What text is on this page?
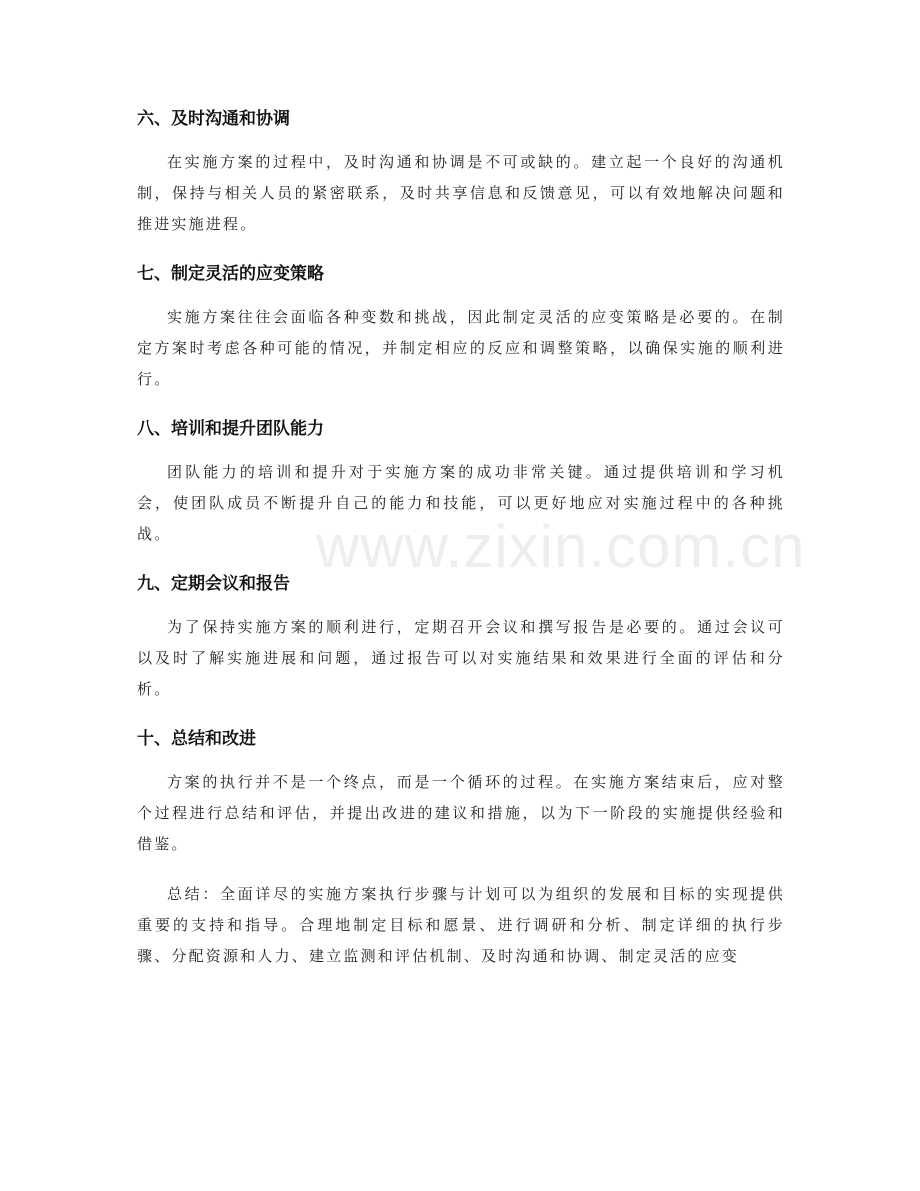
六、及时沟通和协调

在实施方案的过程中，及时沟通和协调是不可或缺的。建立起一个良好的沟通机制，保持与相关人员的紧密联系，及时共享信息和反馈意见，可以有效地解决问题和推进实施进程。

七、制定灵活的应变策略

实施方案往往会面临各种变数和挑战，因此制定灵活的应变策略是必要的。在制定方案时考虑各种可能的情况，并制定相应的反应和调整策略，以确保实施的顺利进行。

八、培训和提升团队能力

团队能力的培训和提升对于实施方案的成功非常关键。通过提供培训和学习机会，使团队成员不断提升自己的能力和技能，可以更好地应对实施过程中的各种挑战。

九、定期会议和报告

为了保持实施方案的顺利进行，定期召开会议和撰写报告是必要的。通过会议可以及时了解实施进展和问题，通过报告可以对实施结果和效果进行全面的评估和分析。

十、总结和改进

方案的执行并不是一个终点，而是一个循环的过程。在实施方案结束后，应对整个过程进行总结和评估，并提出改进的建议和措施，以为下一阶段的实施提供经验和借鉴。

总结：全面详尽的实施方案执行步骤与计划可以为组织的发展和目标的实现提供重要的支持和指导。合理地制定目标和愿景、进行调研和分析、制定详细的执行步骤、分配资源和人力、建立监测和评估机制、及时沟通和协调、制定灵活的应变

www.zixin.com.cn
